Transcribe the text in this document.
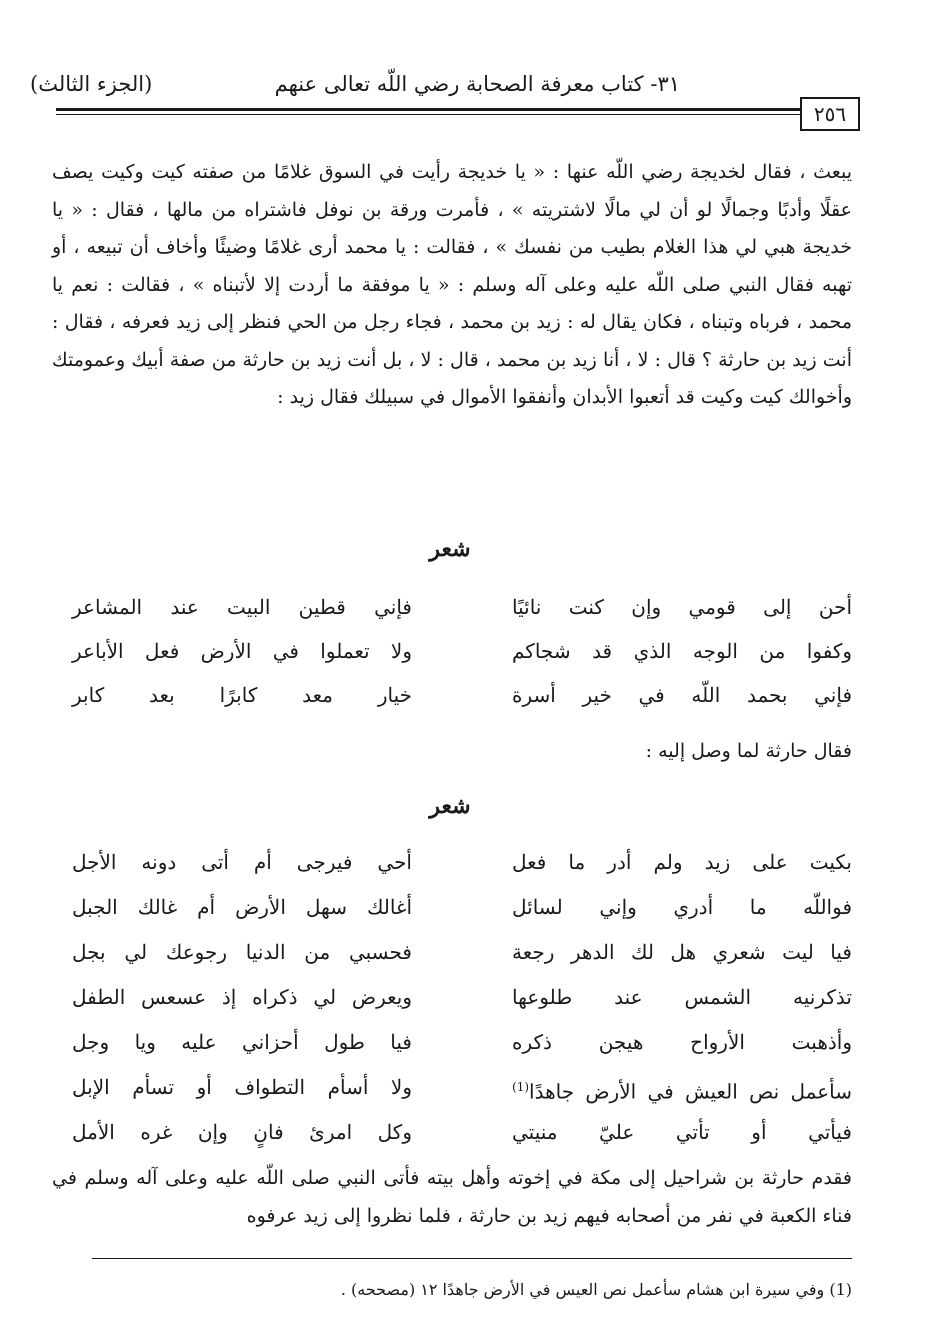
٣١- كتاب معرفة الصحابة رضي اللّه تعالى عنهم
(الجزء الثالث)
٢٥٦
يبعث ، فقال لخديجة رضي اللّه عنها : « يا خديجة رأيت في السوق غلامًا من صفته كيت وكيت يصف عقلًا وأدبًا وجمالًا لو أن لي مالًا لاشتريته » ، فأمرت ورقة بن نوفل فاشتراه من مالها ، فقال : « يا خديجة هبي لي هذا الغلام بطيب من نفسك » ، فقالت : يا محمد أرى غلامًا وضيئًا وأخاف أن تبيعه ، أو تهبه فقال النبي صلى اللّه عليه وعلى آله وسلم : « يا موفقة ما أردت إلا لأتبناه » ، فقالت : نعم يا محمد ، فرباه وتبناه ، فكان يقال له : زيد بن محمد ، فجاء رجل من الحي فنظر إلى زيد فعرفه ، فقال : أنت زيد بن حارثة ؟ قال : لا ، أنا زيد بن محمد ، قال : لا ، بل أنت زيد بن حارثة من صفة أبيك وعمومتك وأخوالك كيت وكيت قد أتعبوا الأبدان وأنفقوا الأموال في سبيلك فقال زيد :
شعر
أحن إلى قومي وإن كنت نائيًا
فإني قطين البيت عند المشاعر
وكفوا من الوجه الذي قد شجاكم
ولا تعملوا في الأرض فعل الأباعر
فإني بحمد اللّه في خير أسرة
خيار معد كابرًا بعد كابر
فقال حارثة لما وصل إليه :
شعر
بكيت على زيد ولم أدر ما فعل
أحي فيرجى أم أتى دونه الأجل
فواللّه ما أدري وإني لسائل
أغالك سهل الأرض أم غالك الجبل
فيا ليت شعري هل لك الدهر رجعة
فحسبي من الدنيا رجوعك لي بجل
تذكرنيه الشمس عند طلوعها
ويعرض لي ذكراه إذ عسعس الطفل
وأذهبت الأرواح هيجن ذكره
فيا طول أحزاني عليه ويا وجل
سأعمل نص العيش في الأرض جاهدًا$^{(1)}$
ولا أسأم التطواف أو تسأم الإبل
فيأتي أو تأتي عليّ منيتي
وكل امرئ فانٍ وإن غره الأمل
فقدم حارثة بن شراحيل إلى مكة في إخوته وأهل بيته فأتى النبي صلى اللّه عليه وعلى آله وسلم في فناء الكعبة في نفر من أصحابه فيهم زيد بن حارثة ، فلما نظروا إلى زيد عرفوه
(1) وفي سيرة ابن هشام سأعمل نص العيس في الأرض جاهدًا ١٢ (مصححه) .
